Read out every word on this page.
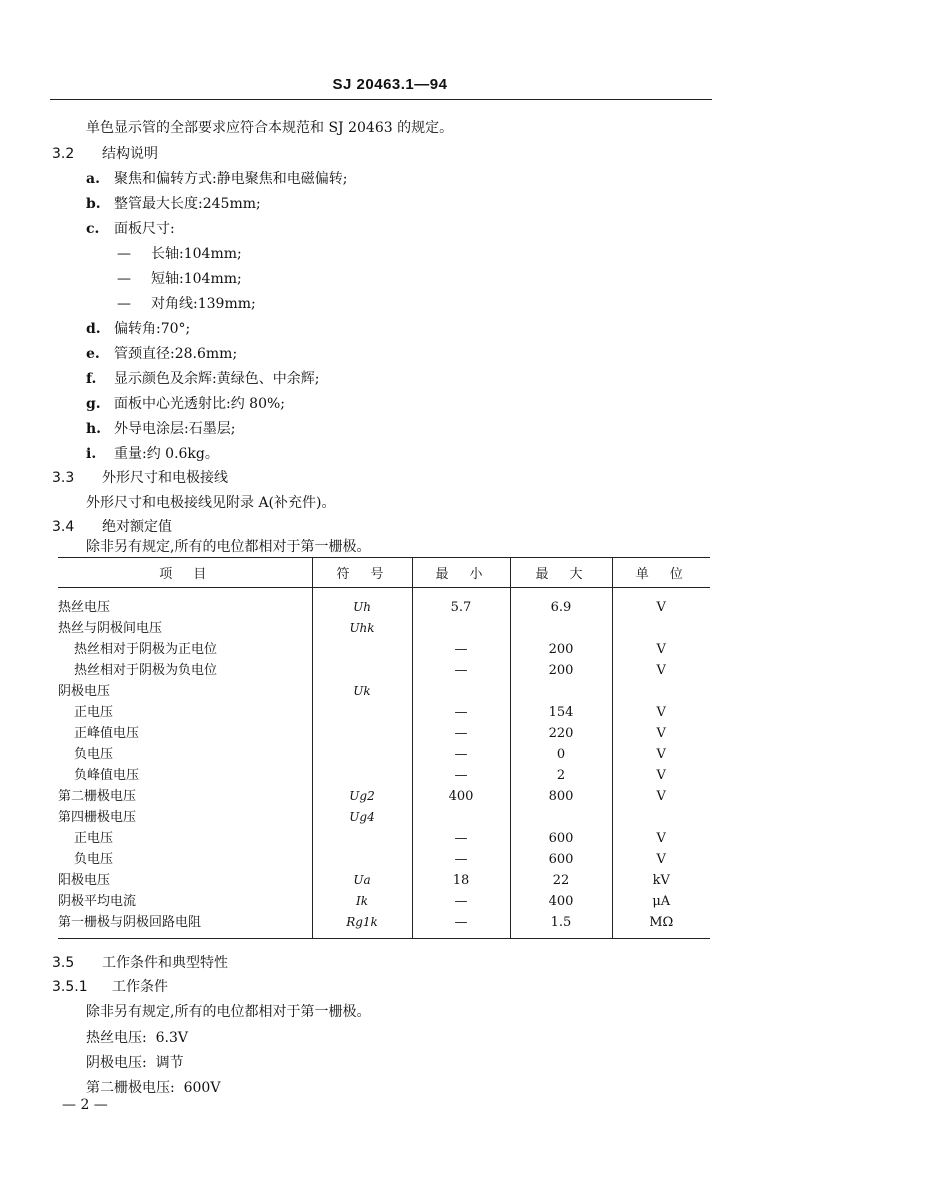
SJ 20463.1—94
单色显示管的全部要求应符合本规范和 SJ 20463 的规定。
3.2 结构说明
a. 聚焦和偏转方式:静电聚焦和电磁偏转;
b. 整管最大长度:245mm;
c. 面板尺寸:
— 长轴:104mm;
— 短轴:104mm;
— 对角线:139mm;
d. 偏转角:70°;
e. 管颈直径:28.6mm;
f. 显示颜色及余辉:黄绿色、中余辉;
g. 面板中心光透射比:约 80%;
h. 外导电涂层:石墨层;
i. 重量:约 0.6kg。
3.3 外形尺寸和电极接线
外形尺寸和电极接线见附录 A(补充件)。
3.4 绝对额定值
除非另有规定,所有的电位都相对于第一栅极。
项　目	符　号	最　小	最　大	单　位
热丝电压	Uh	5.7	6.9	V
热丝与阴极间电压	Uhk			
热丝相对于阴极为正电位		—	200	V
热丝相对于阴极为负电位		—	200	V
阴极电压	Uk			
正电压		—	154	V
正峰值电压		—	220	V
负电压		—	0	V
负峰值电压		—	2	V
第二栅极电压	Ug2	400	800	V
第四栅极电压	Ug4			
正电压		—	600	V
负电压		—	600	V
阳极电压	Ua	18	22	kV
阴极平均电流	Ik	—	400	μA
第一栅极与阴极回路电阻	Rg1k	—	1.5	MΩ
3.5 工作条件和典型特性
3.5.1 工作条件
除非另有规定,所有的电位都相对于第一栅极。
热丝电压:  6.3V
阴极电压:  调节
第二栅极电压:  600V
— 2 —
